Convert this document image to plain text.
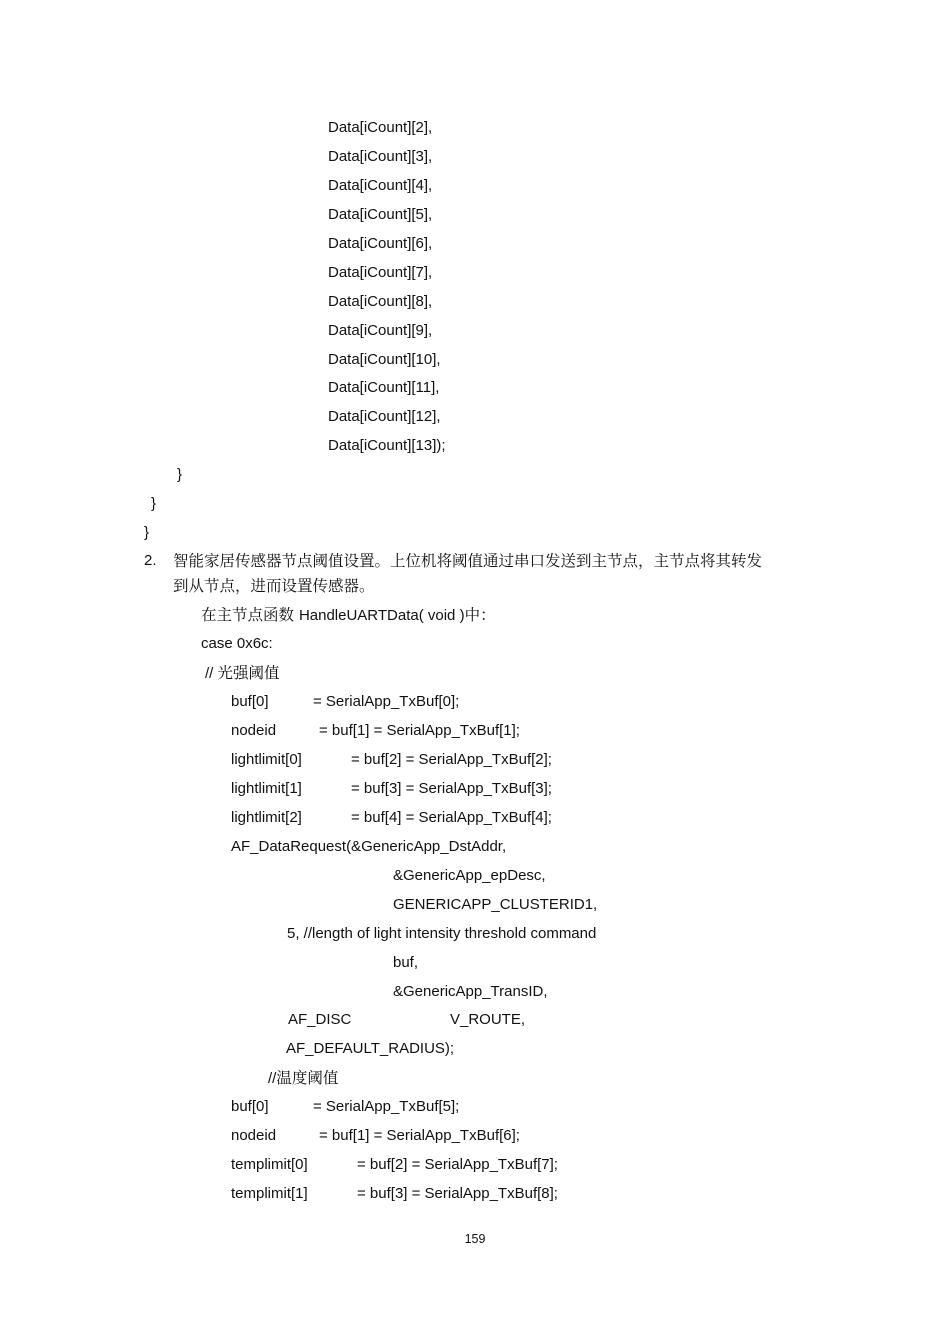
Data[iCount][2],
Data[iCount][3],
Data[iCount][4],
Data[iCount][5],
Data[iCount][6],
Data[iCount][7],
Data[iCount][8],
Data[iCount][9],
Data[iCount][10],
Data[iCount][11],
Data[iCount][12],
Data[iCount][13]);
}
}
}
2. 智能家居传感器节点阈值设置。上位机将阈值通过串口发送到主节点，主节点将其转发
到从节点，进而设置传感器。
在主节点函数 HandleUARTData( void )中：
case 0x6c:
// 光强阈值
buf[0]	= SerialApp_TxBuf[0];
nodeid	= buf[1] = SerialApp_TxBuf[1];
lightlimit[0]	= buf[2] = SerialApp_TxBuf[2];
lightlimit[1]	= buf[3] = SerialApp_TxBuf[3];
lightlimit[2]	= buf[4] = SerialApp_TxBuf[4];
AF_DataRequest(&GenericApp_DstAddr,
&GenericApp_epDesc,
GENERICAPP_CLUSTERID1,
5, //length of light intensity threshold command
buf,
&GenericApp_TransID,
AF_DISC	V_ROUTE,
AF_DEFAULT_RADIUS);
//温度阈值
buf[0]	= SerialApp_TxBuf[5];
nodeid	= buf[1] = SerialApp_TxBuf[6];
templimit[0]	= buf[2] = SerialApp_TxBuf[7];
templimit[1]	= buf[3] = SerialApp_TxBuf[8];
159
